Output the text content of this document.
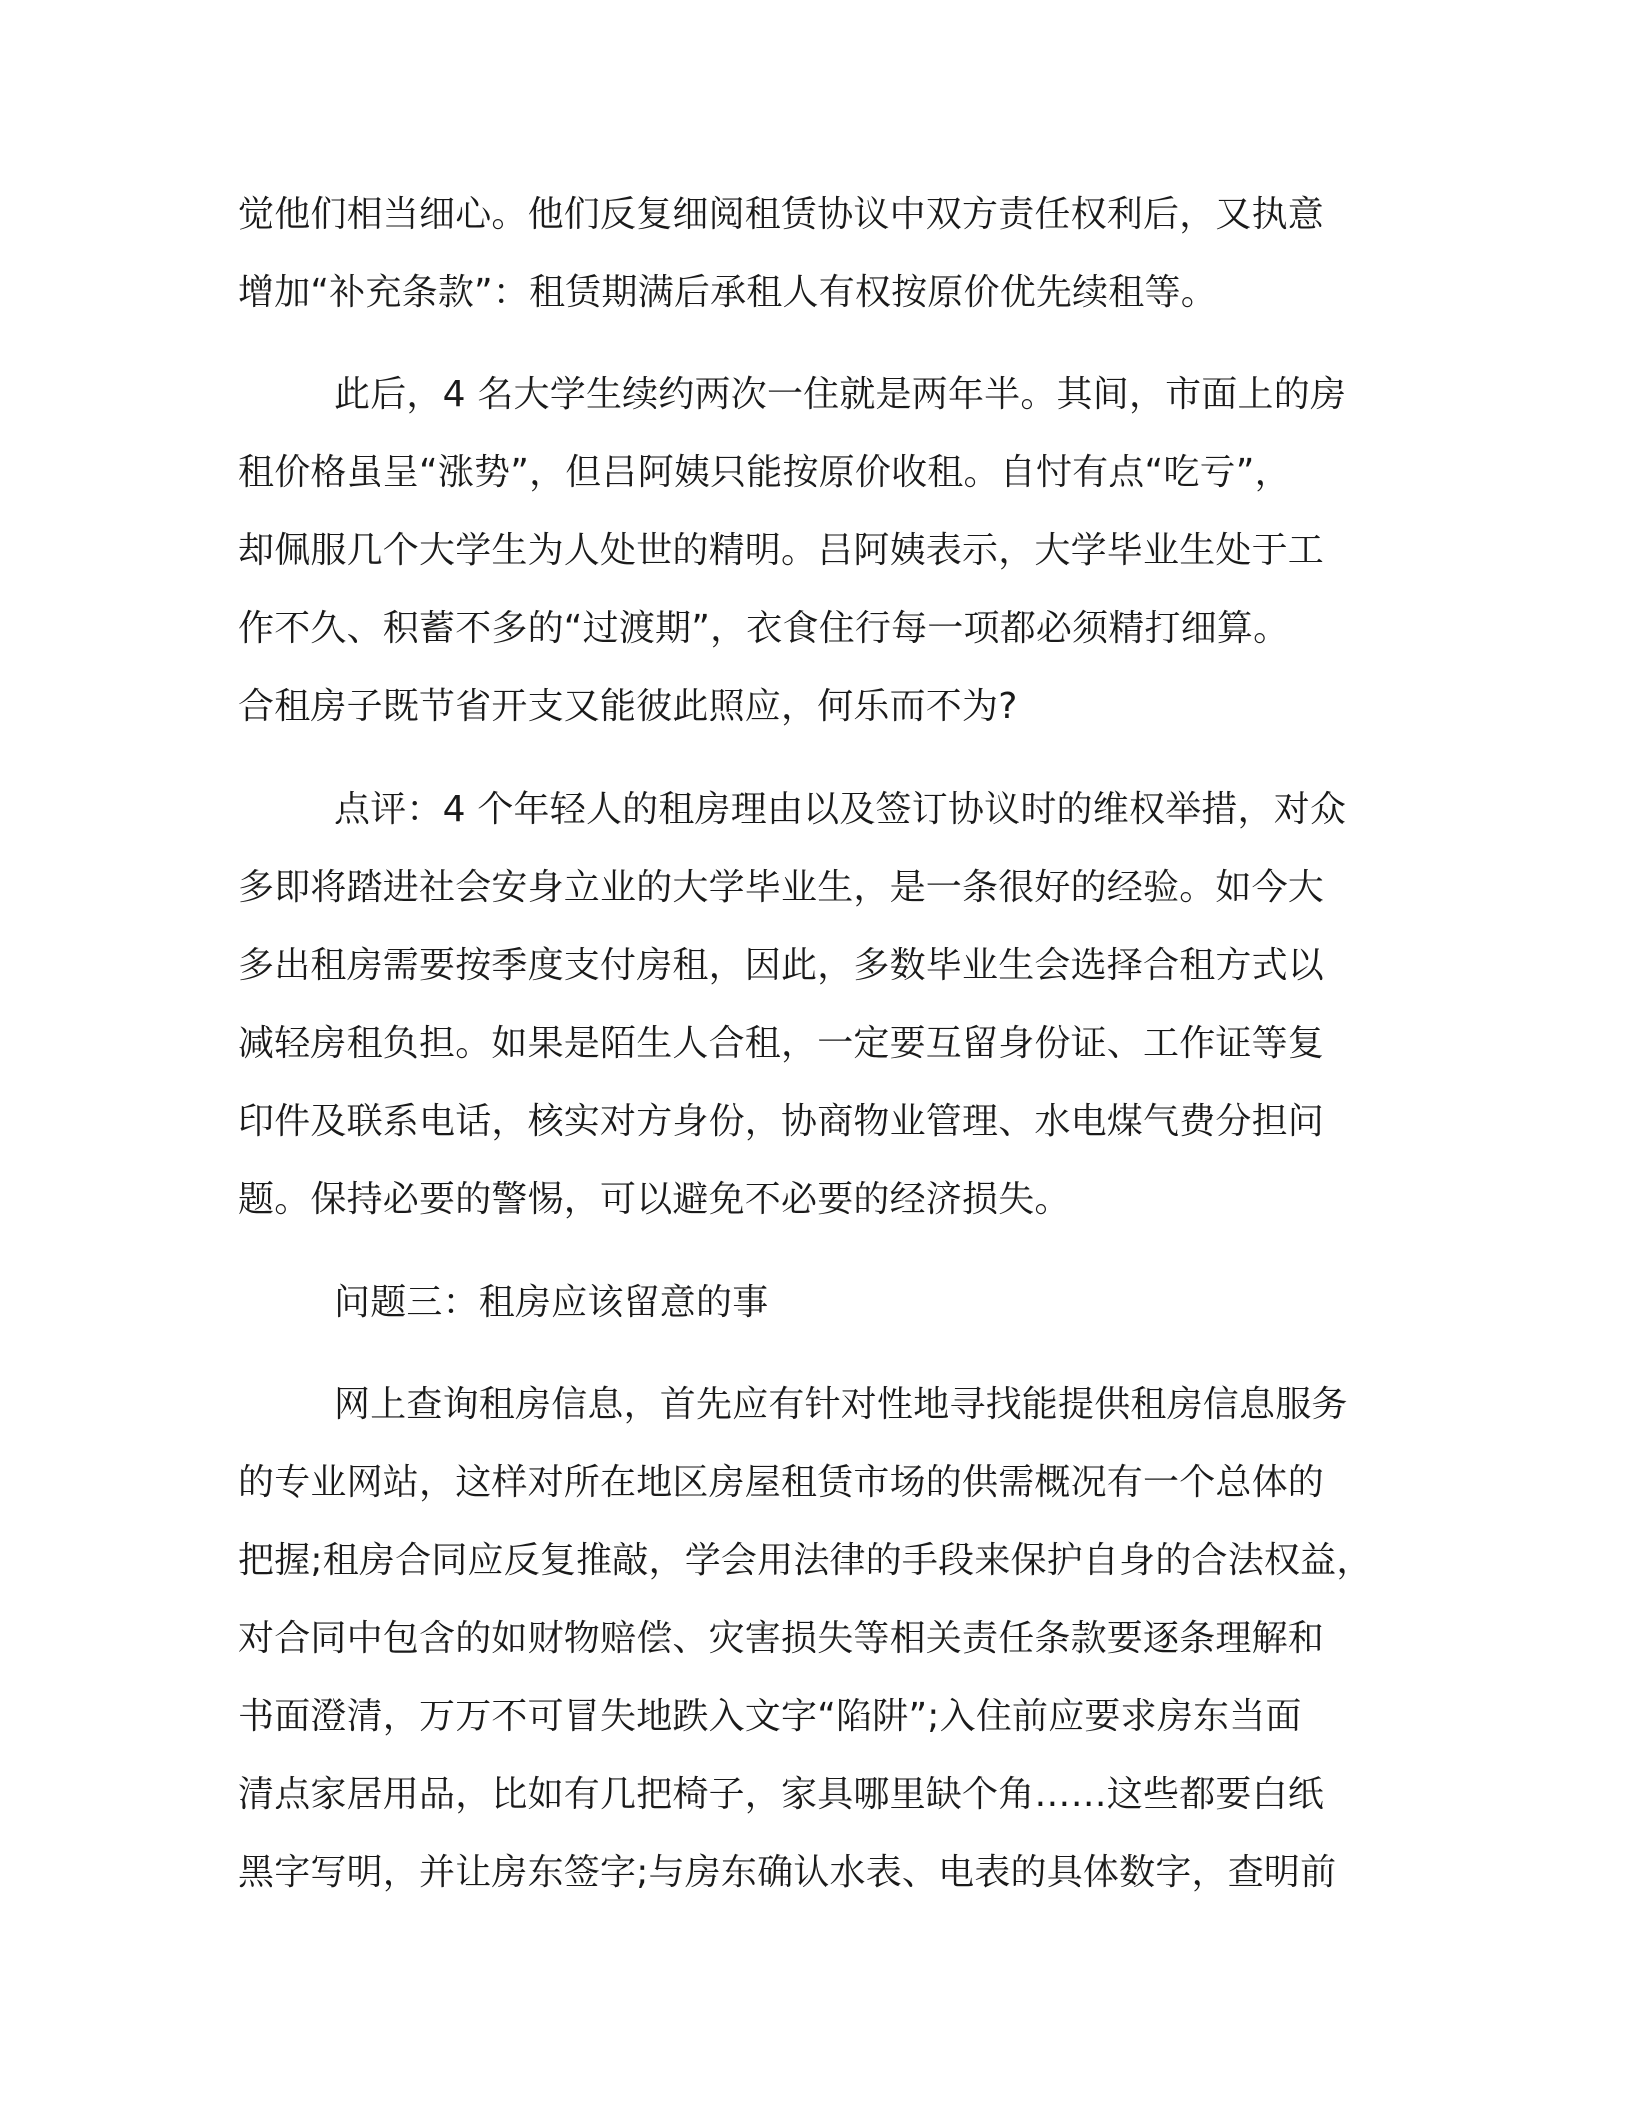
觉他们相当细心。他们反复细阅租赁协议中双方责任权利后，又执意
增加“补充条款”：租赁期满后承租人有权按原价优先续租等。
此后，4 名大学生续约两次一住就是两年半。其间，市面上的房
租价格虽呈“涨势”，但吕阿姨只能按原价收租。自忖有点“吃亏”，
却佩服几个大学生为人处世的精明。吕阿姨表示，大学毕业生处于工
作不久、积蓄不多的“过渡期”，衣食住行每一项都必须精打细算。
合租房子既节省开支又能彼此照应，何乐而不为?
点评：4 个年轻人的租房理由以及签订协议时的维权举措，对众
多即将踏进社会安身立业的大学毕业生，是一条很好的经验。如今大
多出租房需要按季度支付房租，因此，多数毕业生会选择合租方式以
减轻房租负担。如果是陌生人合租，一定要互留身份证、工作证等复
印件及联系电话，核实对方身份，协商物业管理、水电煤气费分担问
题。保持必要的警惕，可以避免不必要的经济损失。
问题三：租房应该留意的事
网上查询租房信息，首先应有针对性地寻找能提供租房信息服务
的专业网站，这样对所在地区房屋租赁市场的供需概况有一个总体的
把握;租房合同应反复推敲，学会用法律的手段来保护自身的合法权益，
对合同中包含的如财物赔偿、灾害损失等相关责任条款要逐条理解和
书面澄清，万万不可冒失地跌入文字“陷阱”;入住前应要求房东当面
清点家居用品，比如有几把椅子，家具哪里缺个角……这些都要白纸
黑字写明，并让房东签字;与房东确认水表、电表的具体数字，查明前
